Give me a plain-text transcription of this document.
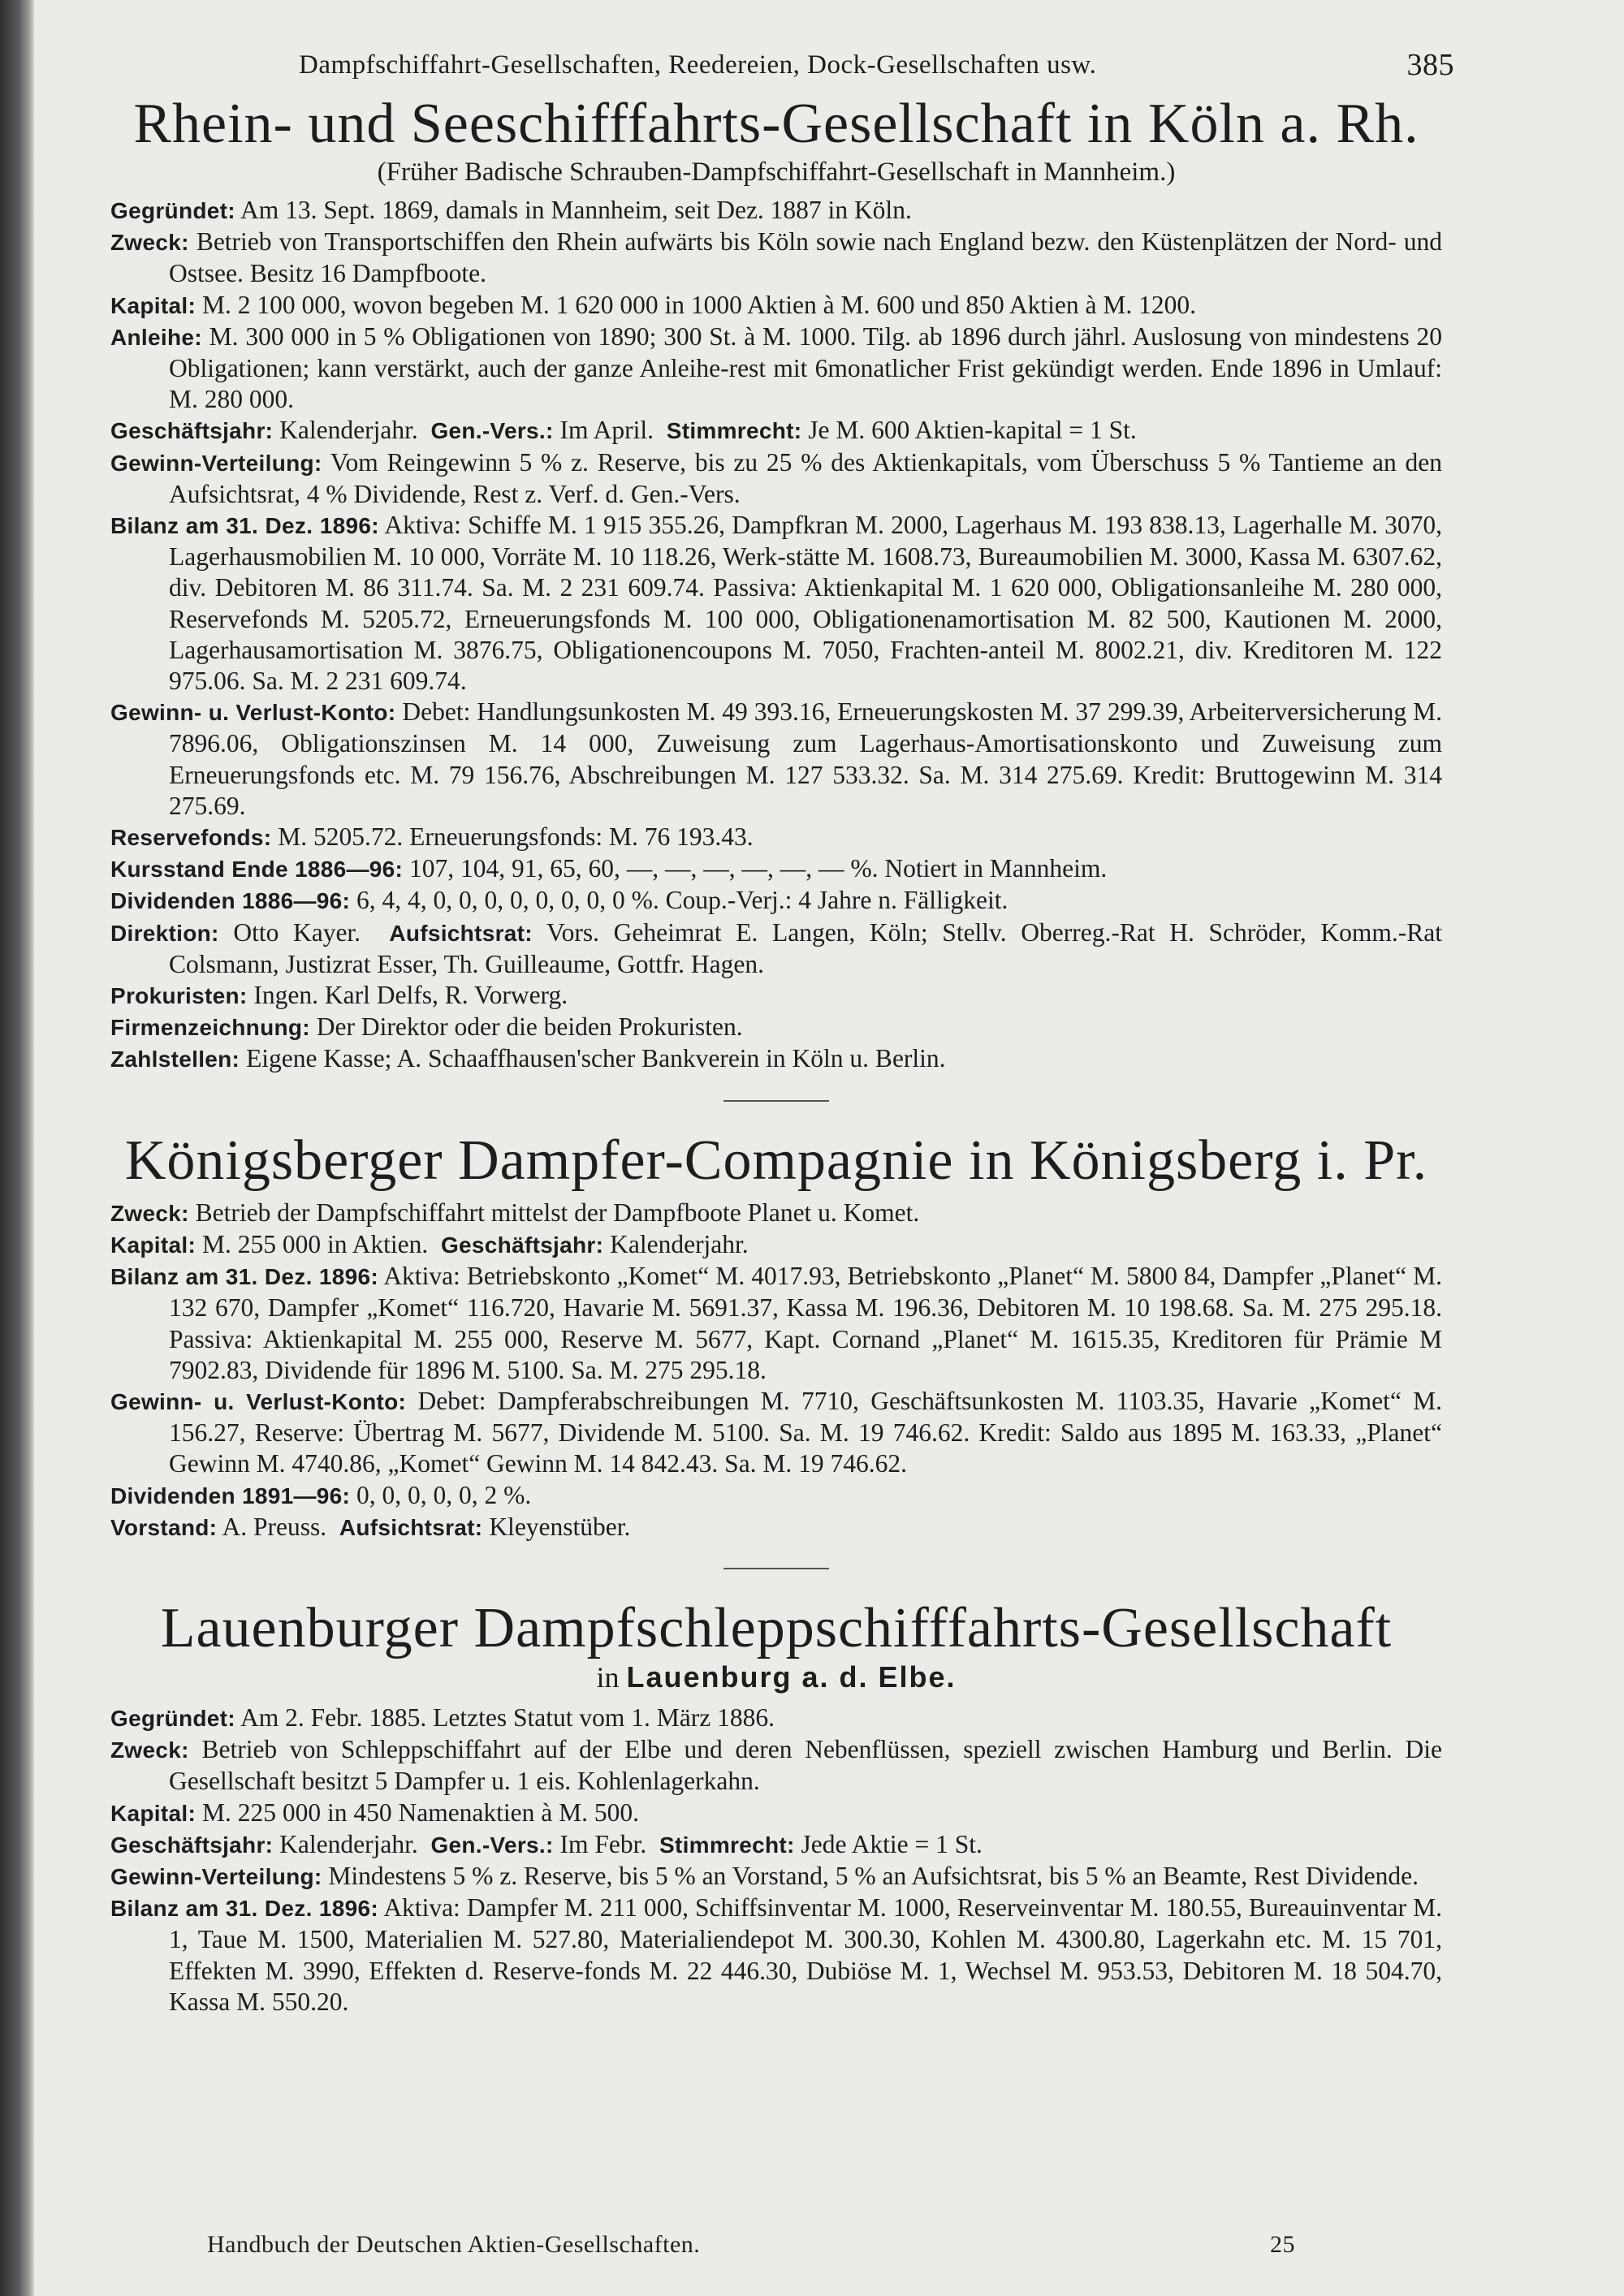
Dampfschiffahrt-Gesellschaften, Reedereien, Dock-Gesellschaften usw.	385
Rhein- und Seeschifffahrts-Gesellschaft in Köln a. Rh.
(Früher Badische Schrauben-Dampfschiffahrt-Gesellschaft in Mannheim.)

Gegründet: Am 13. Sept. 1869, damals in Mannheim, seit Dez. 1887 in Köln.

Zweck: Betrieb von Transportschiffen den Rhein aufwärts bis Köln sowie nach England bezw. den Küstenplätzen der Nord- und Ostsee. Besitz 16 Dampfboote.

Kapital: M. 2 100 000, wovon begeben M. 1 620 000 in 1000 Aktien à M. 600 und 850 Aktien à M. 1200.

Anleihe: M. 300 000 in 5 % Obligationen von 1890; 300 St. à M. 1000. Tilg. ab 1896 durch jährl. Auslosung von mindestens 20 Obligationen; kann verstärkt, auch der ganze Anleihe-rest mit 6monatlicher Frist gekündigt werden. Ende 1896 in Umlauf: M. 280 000.

Geschäftsjahr: Kalenderjahr. Gen.-Vers.: Im April. Stimmrecht: Je M. 600 Aktien-kapital = 1 St.

Gewinn-Verteilung: Vom Reingewinn 5 % z. Reserve, bis zu 25 % des Aktienkapitals, vom Überschuss 5 % Tantieme an den Aufsichtsrat, 4 % Dividende, Rest z. Verf. d. Gen.-Vers.

Bilanz am 31. Dez. 1896: Aktiva: Schiffe M. 1 915 355.26, Dampfkran M. 2000, Lagerhaus M. 193 838.13, Lagerhalle M. 3070, Lagerhausmobilien M. 10 000, Vorräte M. 10 118.26, Werk-stätte M. 1608.73, Bureaumobilien M. 3000, Kassa M. 6307.62, div. Debitoren M. 86 311.74. Sa. M. 2 231 609.74. Passiva: Aktienkapital M. 1 620 000, Obligationsanleihe M. 280 000, Reservefonds M. 5205.72, Erneuerungsfonds M. 100 000, Obligationenamortisation M. 82 500, Kautionen M. 2000, Lagerhausamortisation M. 3876.75, Obligationencoupons M. 7050, Frachten-anteil M. 8002.21, div. Kreditoren M. 122 975.06. Sa. M. 2 231 609.74.

Gewinn- u. Verlust-Konto: Debet: Handlungsunkosten M. 49 393.16, Erneuerungskosten M. 37 299.39, Arbeiterversicherung M. 7896.06, Obligationszinsen M. 14 000, Zuweisung zum Lagerhaus-Amortisationskonto und Zuweisung zum Erneuerungsfonds etc. M. 79 156.76, Abschreibungen M. 127 533.32. Sa. M. 314 275.69. Kredit: Bruttogewinn M. 314 275.69.

Reservefonds: M. 5205.72. Erneuerungsfonds: M. 76 193.43.

Kursstand Ende 1886—96: 107, 104, 91, 65, 60, —, —, —, —, —, — %. Notiert in Mannheim.

Dividenden 1886—96: 6, 4, 4, 0, 0, 0, 0, 0, 0, 0, 0 %. Coup.-Verj.: 4 Jahre n. Fälligkeit.

Direktion: Otto Kayer. Aufsichtsrat: Vors. Geheimrat E. Langen, Köln; Stellv. Oberreg.-Rat H. Schröder, Komm.-Rat Colsmann, Justizrat Esser, Th. Guilleaume, Gottfr. Hagen.

Prokuristen: Ingen. Karl Delfs, R. Vorwerg.

Firmenzeichnung: Der Direktor oder die beiden Prokuristen.

Zahlstellen: Eigene Kasse; A. Schaaffhausen'scher Bankverein in Köln u. Berlin.

Königsberger Dampfer-Compagnie in Königsberg i. Pr.

Zweck: Betrieb der Dampfschiffahrt mittelst der Dampfboote Planet u. Komet.

Kapital: M. 255 000 in Aktien. Geschäftsjahr: Kalenderjahr.

Bilanz am 31. Dez. 1896: Aktiva: Betriebskonto „Komet“ M. 4017.93, Betriebskonto „Planet“ M. 5800 84, Dampfer „Planet“ M. 132 670, Dampfer „Komet“ 116.720, Havarie M. 5691.37, Kassa M. 196.36, Debitoren M. 10 198.68. Sa. M. 275 295.18. Passiva: Aktienkapital M. 255 000, Reserve M. 5677, Kapt. Cornand „Planet“ M. 1615.35, Kreditoren für Prämie M 7902.83, Dividende für 1896 M. 5100. Sa. M. 275 295.18.

Gewinn- u. Verlust-Konto: Debet: Dampferabschreibungen M. 7710, Geschäftsunkosten M. 1103.35, Havarie „Komet“ M. 156.27, Reserve: Übertrag M. 5677, Dividende M. 5100. Sa. M. 19 746.62. Kredit: Saldo aus 1895 M. 163.33, „Planet“ Gewinn M. 4740.86, „Komet“ Gewinn M. 14 842.43. Sa. M. 19 746.62.

Dividenden 1891—96: 0, 0, 0, 0, 0, 2 %.

Vorstand: A. Preuss. Aufsichtsrat: Kleyenstüber.

Lauenburger Dampfschleppschifffahrts-Gesellschaft
in Lauenburg a. d. Elbe.

Gegründet: Am 2. Febr. 1885. Letztes Statut vom 1. März 1886.

Zweck: Betrieb von Schleppschiffahrt auf der Elbe und deren Nebenflüssen, speziell zwischen Hamburg und Berlin. Die Gesellschaft besitzt 5 Dampfer u. 1 eis. Kohlenlagerkahn.

Kapital: M. 225 000 in 450 Namenaktien à M. 500.

Geschäftsjahr: Kalenderjahr. Gen.-Vers.: Im Febr. Stimmrecht: Jede Aktie = 1 St.

Gewinn-Verteilung: Mindestens 5 % z. Reserve, bis 5 % an Vorstand, 5 % an Aufsichtsrat, bis 5 % an Beamte, Rest Dividende.

Bilanz am 31. Dez. 1896: Aktiva: Dampfer M. 211 000, Schiffsinventar M. 1000, Reserveinventar M. 180.55, Bureauinventar M. 1, Taue M. 1500, Materialien M. 527.80, Materialiendepot M. 300.30, Kohlen M. 4300.80, Lagerkahn etc. M. 15 701, Effekten M. 3990, Effekten d. Reserve-fonds M. 22 446.30, Dubiöse M. 1, Wechsel M. 953.53, Debitoren M. 18 504.70, Kassa M. 550.20.

Handbuch der Deutschen Aktien-Gesellschaften.	25
